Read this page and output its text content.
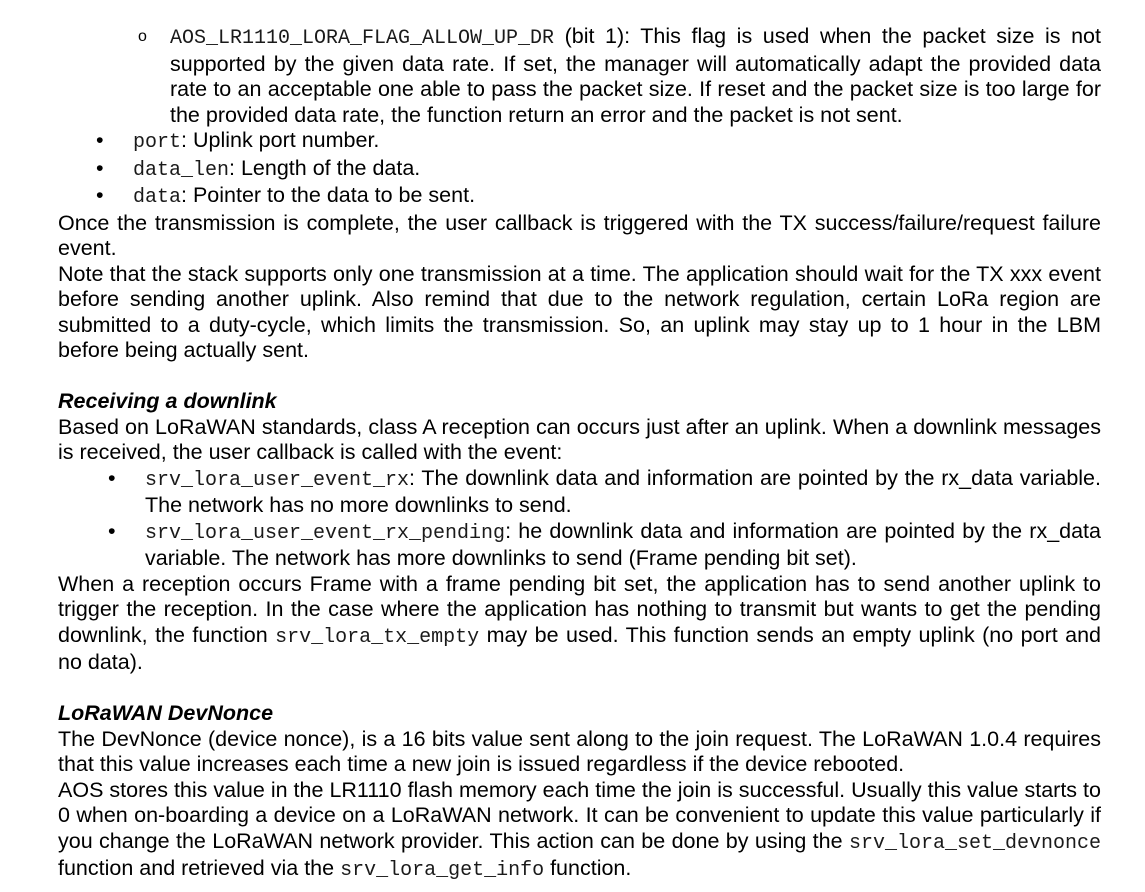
o AOS_LR1110_LORA_FLAG_ALLOW_UP_DR (bit 1): This flag is used when the packet size is not supported by the given data rate. If set, the manager will automatically adapt the provided data rate to an acceptable one able to pass the packet size. If reset and the packet size is too large for the provided data rate, the function return an error and the packet is not sent.
• port: Uplink port number.
• data_len: Length of the data.
• data: Pointer to the data to be sent.
Once the transmission is complete, the user callback is triggered with the TX success/failure/request failure event.
Note that the stack supports only one transmission at a time. The application should wait for the TX xxx event before sending another uplink. Also remind that due to the network regulation, certain LoRa region are submitted to a duty-cycle, which limits the transmission. So, an uplink may stay up to 1 hour in the LBM before being actually sent.
Receiving a downlink
Based on LoRaWAN standards, class A reception can occurs just after an uplink. When a downlink messages is received, the user callback is called with the event:
• srv_lora_user_event_rx: The downlink data and information are pointed by the rx_data variable. The network has no more downlinks to send.
• srv_lora_user_event_rx_pending: he downlink data and information are pointed by the rx_data variable. The network has more downlinks to send (Frame pending bit set).
When a reception occurs Frame with a frame pending bit set, the application has to send another uplink to trigger the reception. In the case where the application has nothing to transmit but wants to get the pending downlink, the function srv_lora_tx_empty may be used. This function sends an empty uplink (no port and no data).
LoRaWAN DevNonce
The DevNonce (device nonce), is a 16 bits value sent along to the join request. The LoRaWAN 1.0.4 requires that this value increases each time a new join is issued regardless if the device rebooted.
AOS stores this value in the LR1110 flash memory each time the join is successful. Usually this value starts to 0 when on-boarding a device on a LoRaWAN network. It can be convenient to update this value particularly if you change the LoRaWAN network provider. This action can be done by using the srv_lora_set_devnonce function and retrieved via the srv_lora_get_info function.
